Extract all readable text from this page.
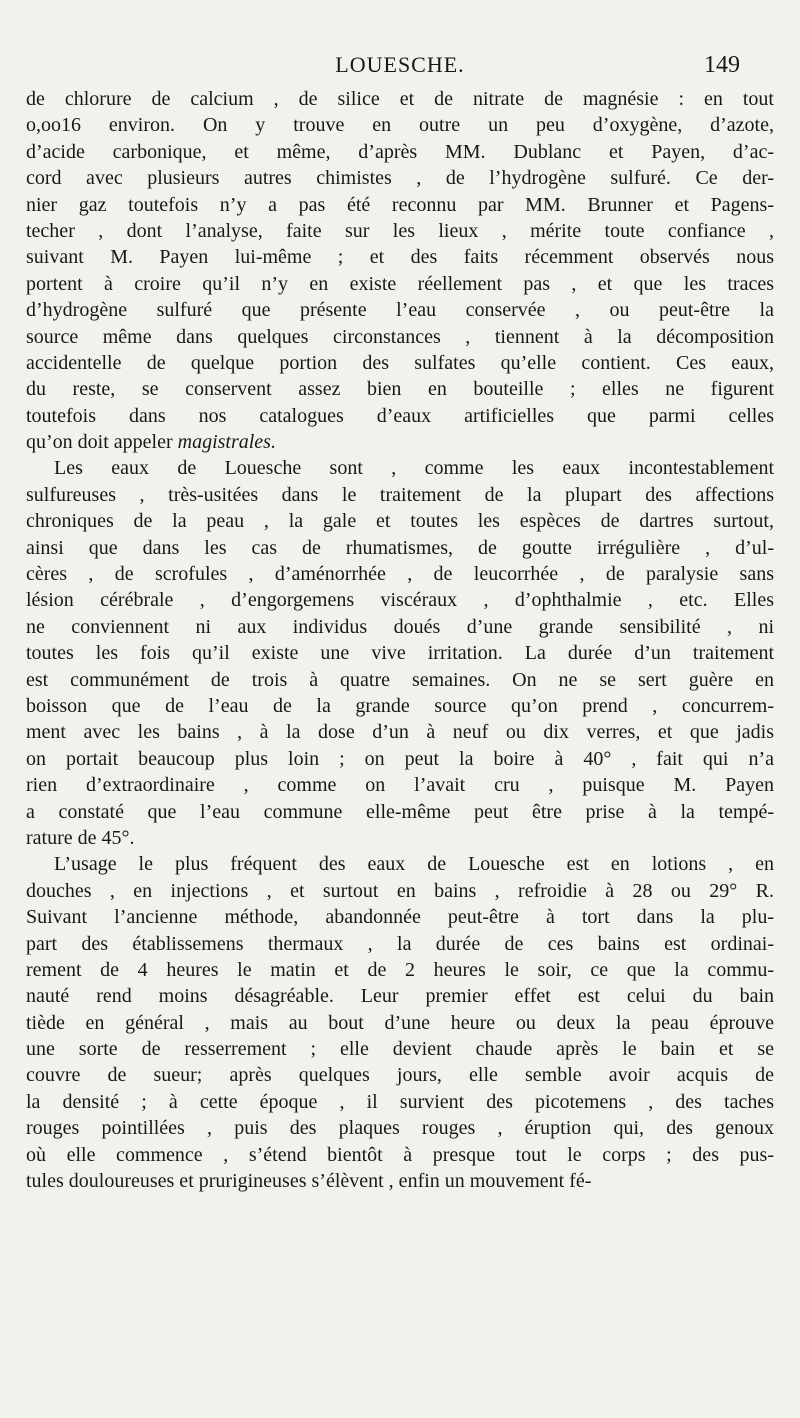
LOUESCHE.	149
de chlorure de calcium , de silice et de nitrate de magnésie : en tout
o,oo16 environ. On y trouve en outre un peu d’oxygène, d’azote,
d’acide carbonique, et même, d’après MM. Dublanc et Payen, d’ac-
cord avec plusieurs autres chimistes , de l’hydrogène sulfuré. Ce der-
nier gaz toutefois n’y a pas été reconnu par MM. Brunner et Pagens-
techer , dont l’analyse, faite sur les lieux , mérite toute confiance ,
suivant M. Payen lui-même ; et des faits récemment observés nous
portent à croire qu’il n’y en existe réellement pas , et que les traces
d’hydrogène sulfuré que présente l’eau conservée , ou peut-être la
source même dans quelques circonstances , tiennent à la décomposition
accidentelle de quelque portion des sulfates qu’elle contient. Ces eaux,
du reste, se conservent assez bien en bouteille ; elles ne figurent
toutefois dans nos catalogues d’eaux artificielles que parmi celles
qu’on doit appeler magistrales.
Les eaux de Louesche sont , comme les eaux incontestablement
sulfureuses , très-usitées dans le traitement de la plupart des affections
chroniques de la peau , la gale et toutes les espèces de dartres surtout,
ainsi que dans les cas de rhumatismes, de goutte irrégulière , d’ul-
cères , de scrofules , d’aménorrhée , de leucorrhée , de paralysie sans
lésion cérébrale , d’engorgemens viscéraux , d’ophthalmie , etc. Elles
ne conviennent ni aux individus doués d’une grande sensibilité , ni
toutes les fois qu’il existe une vive irritation. La durée d’un traitement
est communément de trois à quatre semaines. On ne se sert guère en
boisson que de l’eau de la grande source qu’on prend , concurrem-
ment avec les bains , à la dose d’un à neuf ou dix verres, et que jadis
on portait beaucoup plus loin ; on peut la boire à 40° , fait qui n’a
rien d’extraordinaire , comme on l’avait cru , puisque M. Payen
a constaté que l’eau commune elle-même peut être prise à la tempé-
rature de 45°.
L’usage le plus fréquent des eaux de Louesche est en lotions , en
douches , en injections , et surtout en bains , refroidie à 28 ou 29° R.
Suivant l’ancienne méthode, abandonnée peut-être à tort dans la plu-
part des établissemens thermaux , la durée de ces bains est ordinai-
rement de 4 heures le matin et de 2 heures le soir, ce que la commu-
nauté rend moins désagréable. Leur premier effet est celui du bain
tiède en général , mais au bout d’une heure ou deux la peau éprouve
une sorte de resserrement ; elle devient chaude après le bain et se
couvre de sueur; après quelques jours, elle semble avoir acquis de
la densité ; à cette époque , il survient des picotemens , des taches
rouges pointillées , puis des plaques rouges , éruption qui, des genoux
où elle commence , s’étend bientôt à presque tout le corps ; des pus-
tules douloureuses et prurigineuses s’élèvent , enfin un mouvement fé-
